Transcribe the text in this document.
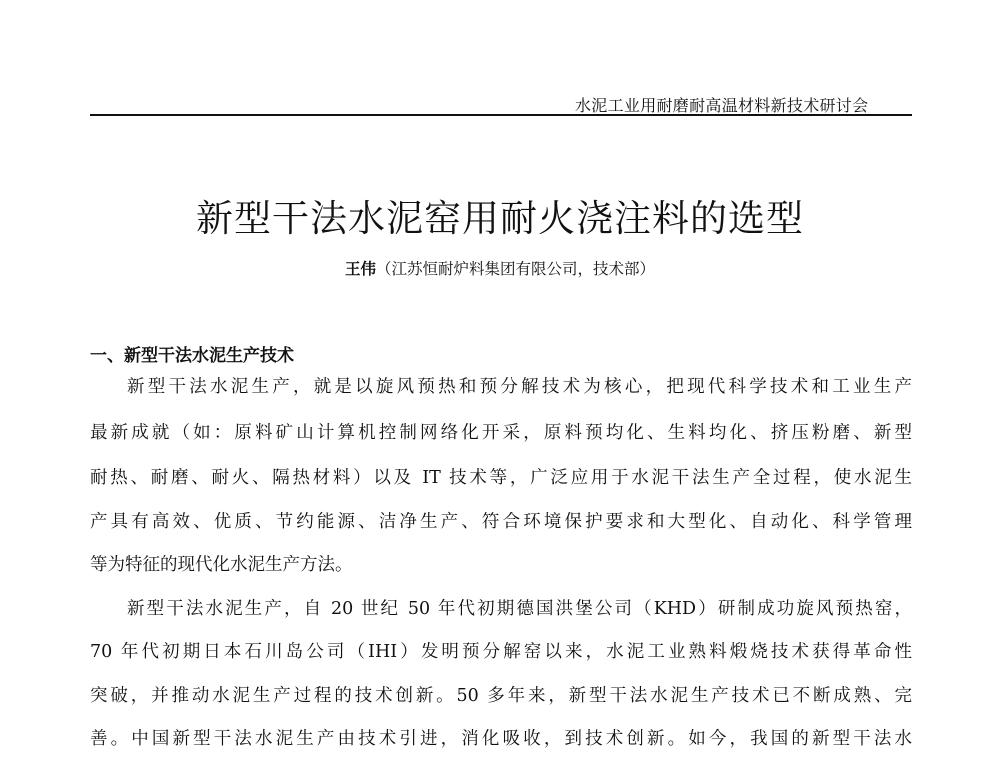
水泥工业用耐磨耐高温材料新技术研讨会
新型干法水泥窑用耐火浇注料的选型
王伟（江苏恒耐炉料集团有限公司，技术部）
一、新型干法水泥生产技术
新型干法水泥生产，就是以旋风预热和预分解技术为核心，把现代科学技术和工业生产
最新成就（如：原料矿山计算机控制网络化开采，原料预均化、生料均化、挤压粉磨、新型
耐热、耐磨、耐火、隔热材料）以及 IT 技术等，广泛应用于水泥干法生产全过程，使水泥生
产具有高效、优质、节约能源、洁净生产、符合环境保护要求和大型化、自动化、科学管理
等为特征的现代化水泥生产方法。
新型干法水泥生产，自 20 世纪 50 年代初期德国洪堡公司（KHD）研制成功旋风预热窑，
70 年代初期日本石川岛公司（IHI）发明预分解窑以来，水泥工业熟料煅烧技术获得革命性
突破，并推动水泥生产过程的技术创新。50 多年来，新型干法水泥生产技术已不断成熟、完
善。中国新型干法水泥生产由技术引进，消化吸收，到技术创新。如今，我国的新型干法水
